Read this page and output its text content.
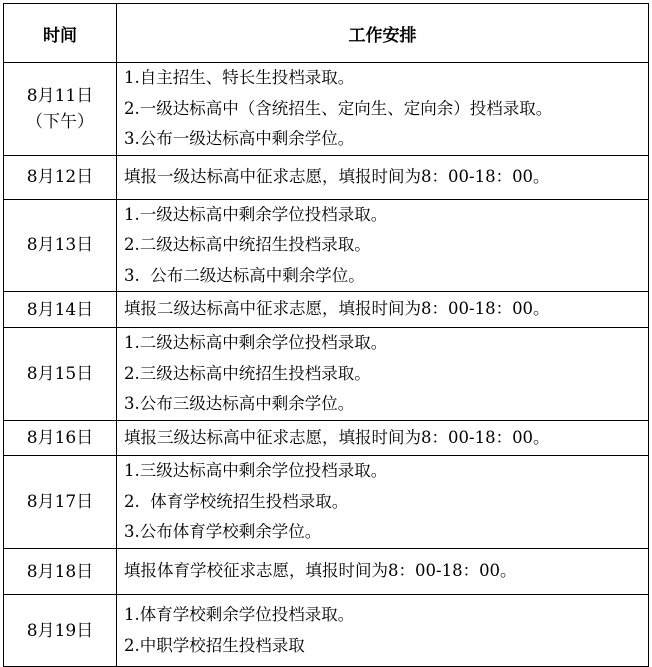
时间	工作安排

8月11日
（下午）	1.自主招生、特长生投档录取。
2.一级达标高中（含统招生、定向生、定向余）投档录取。
3.公布一级达标高中剩余学位。

8月12日	填报一级达标高中征求志愿，填报时间为8：00-18：00。

8月13日	1.一级达标高中剩余学位投档录取。
2.二级达标高中统招生投档录取。
3.  公布二级达标高中剩余学位。

8月14日	填报二级达标高中征求志愿，填报时间为8：00-18：00。

8月15日	1.二级达标高中剩余学位投档录取。
2.三级达标高中统招生投档录取。
3.公布三级达标高中剩余学位。

8月16日	填报三级达标高中征求志愿，填报时间为8：00-18：00。

8月17日	1.三级达标高中剩余学位投档录取。
2.  体育学校统招生投档录取。
3.公布体育学校剩余学位。

8月18日	填报体育学校征求志愿，填报时间为8：00-18：00。

8月19日	1.体育学校剩余学位投档录取。
2.中职学校招生投档录取
